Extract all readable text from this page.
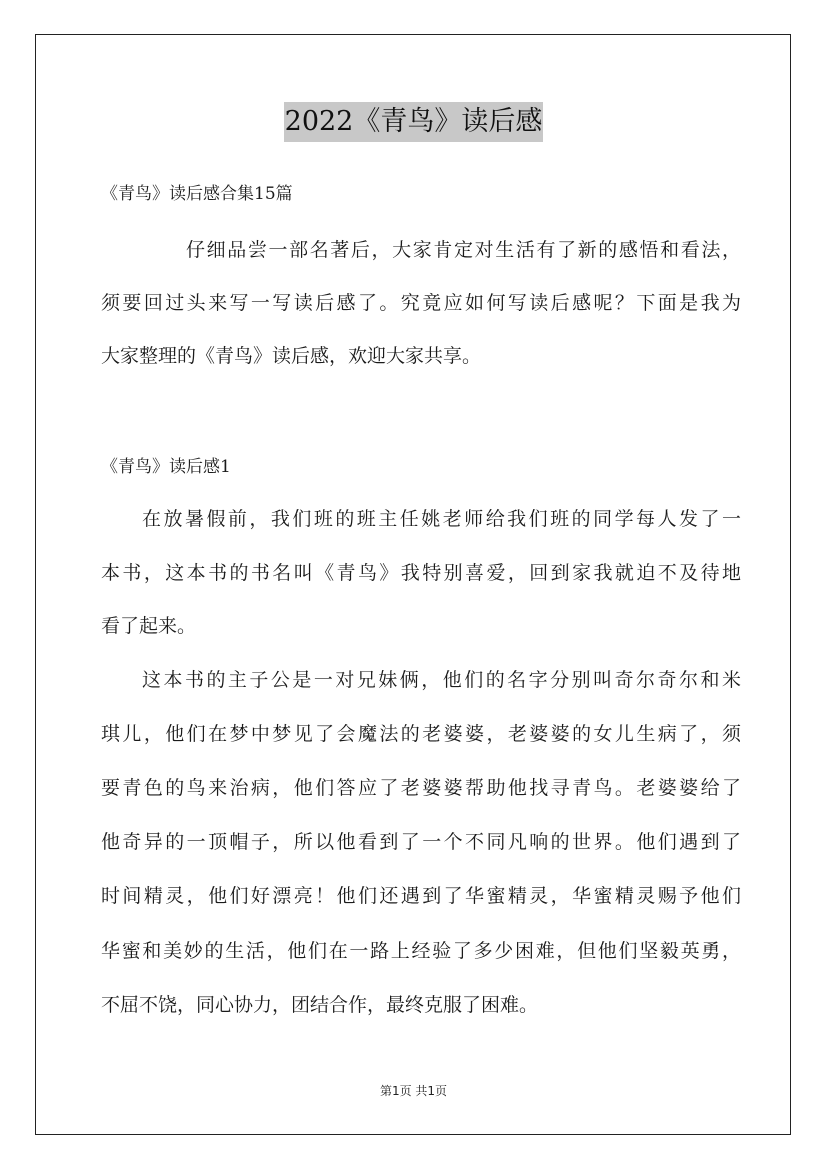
2022《青鸟》读后感
《青鸟》读后感合集15篇
仔细品尝一部名著后，大家肯定对生活有了新的感悟和看法，
须要回过头来写一写读后感了。究竟应如何写读后感呢？下面是我为
大家整理的《青鸟》读后感，欢迎大家共享。
《青鸟》读后感1
在放暑假前，我们班的班主任姚老师给我们班的同学每人发了一
本书，这本书的书名叫《青鸟》我特别喜爱，回到家我就迫不及待地
看了起来。
这本书的主子公是一对兄妹俩，他们的名字分别叫奇尔奇尔和米
琪儿，他们在梦中梦见了会魔法的老婆婆，老婆婆的女儿生病了，须
要青色的鸟来治病，他们答应了老婆婆帮助他找寻青鸟。老婆婆给了
他奇异的一顶帽子，所以他看到了一个不同凡响的世界。他们遇到了
时间精灵，他们好漂亮！他们还遇到了华蜜精灵，华蜜精灵赐予他们
华蜜和美妙的生活，他们在一路上经验了多少困难，但他们坚毅英勇，
不屈不饶，同心协力，团结合作，最终克服了困难。
第1页 共1页
